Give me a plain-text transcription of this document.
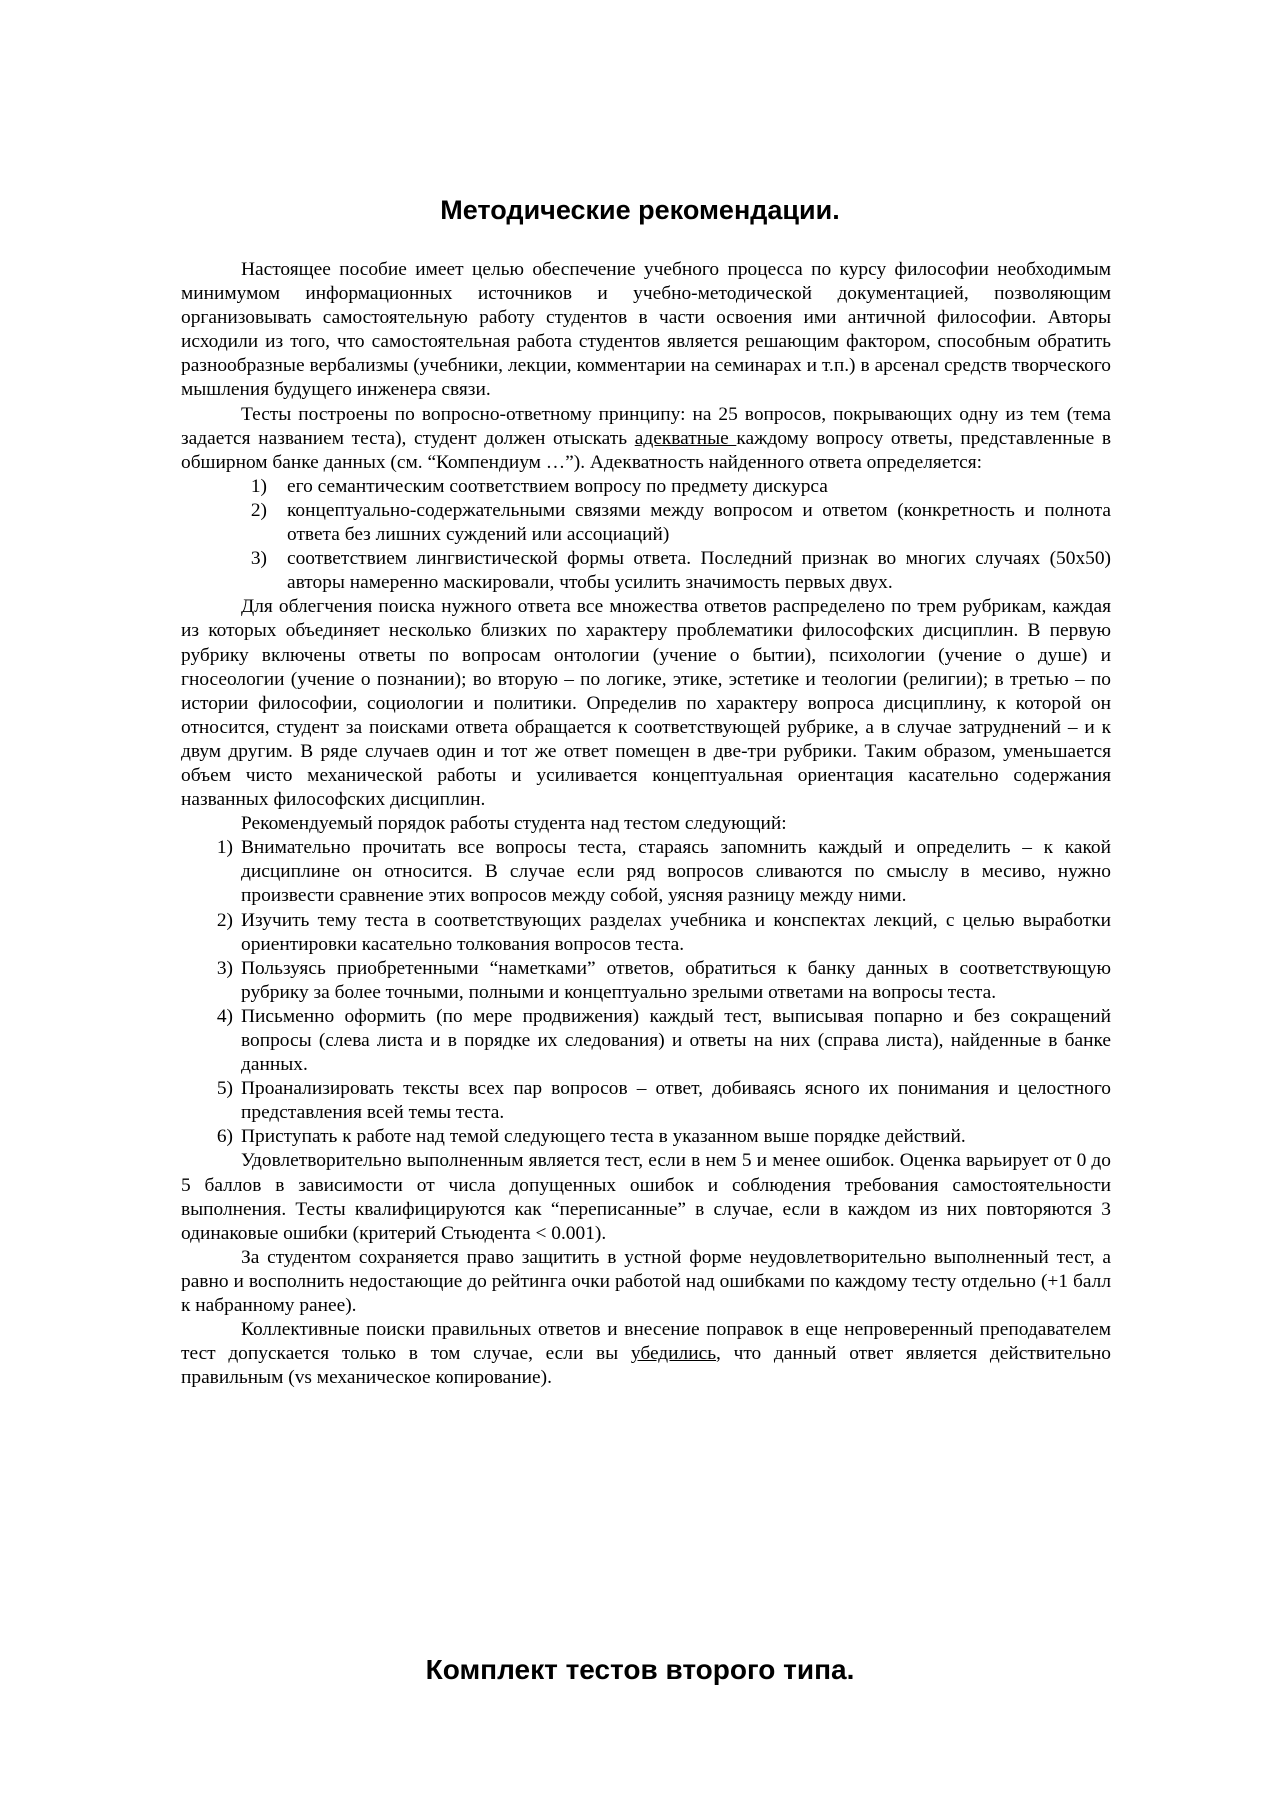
Методические рекомендации.

Настоящее пособие имеет целью обеспечение учебного процесса по курсу философии необходимым минимумом информационных источников и учебно-методической документацией, позволяющим организовывать самостоятельную работу студентов в части освоения ими античной философии. Авторы исходили из того, что самостоятельная работа студентов является решающим фактором, способным обратить разнообразные вербализмы (учебники, лекции, комментарии на семинарах и т.п.) в арсенал средств творческого мышления будущего инженера связи.

Тесты построены по вопросно-ответному принципу: на 25 вопросов, покрывающих одну из тем (тема задается названием теста), студент должен отыскать адекватные каждому вопросу ответы, представленные в обширном банке данных (см. “Компендиум …”). Адекватность найденного ответа определяется:

1) его семантическим соответствием вопросу по предмету дискурса
2) концептуально-содержательными связями между вопросом и ответом (конкретность и полнота ответа без лишних суждений или ассоциаций)
3) соответствием лингвистической формы ответа. Последний признак во многих случаях (50х50) авторы намеренно маскировали, чтобы усилить значимость первых двух.

Для облегчения поиска нужного ответа все множества ответов распределено по трем рубрикам, каждая из которых объединяет несколько близких по характеру проблематики философских дисциплин. В первую рубрику включены ответы по вопросам онтологии (учение о бытии), психологии (учение о душе) и гносеологии (учение о познании); во вторую – по логике, этике, эстетике и теологии (религии); в третью – по истории философии, социологии и политики. Определив по характеру вопроса дисциплину, к которой он относится, студент за поисками ответа обращается к соответствующей рубрике, а в случае затруднений – и к двум другим. В ряде случаев один и тот же ответ помещен в две-три рубрики. Таким образом, уменьшается объем чисто механической работы и усиливается концептуальная ориентация касательно содержания названных философских дисциплин.

Рекомендуемый порядок работы студента над тестом следующий:

1) Внимательно прочитать все вопросы теста, стараясь запомнить каждый и определить – к какой дисциплине он относится. В случае если ряд вопросов сливаются по смыслу в месиво, нужно произвести сравнение этих вопросов между собой, уясняя разницу между ними.
2) Изучить тему теста в соответствующих разделах учебника и конспектах лекций, с целью выработки ориентировки касательно толкования вопросов теста.
3) Пользуясь приобретенными “наметками” ответов, обратиться к банку данных в соответствующую рубрику за более точными, полными и концептуально зрелыми ответами на вопросы теста.
4) Письменно оформить (по мере продвижения) каждый тест, выписывая попарно и без сокращений вопросы (слева листа и в порядке их следования) и ответы на них (справа листа), найденные в банке данных.
5) Проанализировать тексты всех пар вопросов – ответ, добиваясь ясного их понимания и целостного представления всей темы теста.
6) Приступать к работе над темой следующего теста в указанном выше порядке действий.

Удовлетворительно выполненным является тест, если в нем 5 и менее ошибок. Оценка варьирует от 0 до 5 баллов в зависимости от числа допущенных ошибок и соблюдения требования самостоятельности выполнения. Тесты квалифицируются как “переписанные” в случае, если в каждом из них повторяются 3 одинаковые ошибки (критерий Стьюдента < 0.001).

За студентом сохраняется право защитить в устной форме неудовлетворительно выполненный тест, а равно и восполнить недостающие до рейтинга очки работой над ошибками по каждому тесту отдельно (+1 балл к набранному ранее).

Коллективные поиски правильных ответов и внесение поправок в еще непроверенный преподавателем тест допускается только в том случае, если вы убедились, что данный ответ является действительно правильным (vs механическое копирование).

Комплект тестов второго типа.
